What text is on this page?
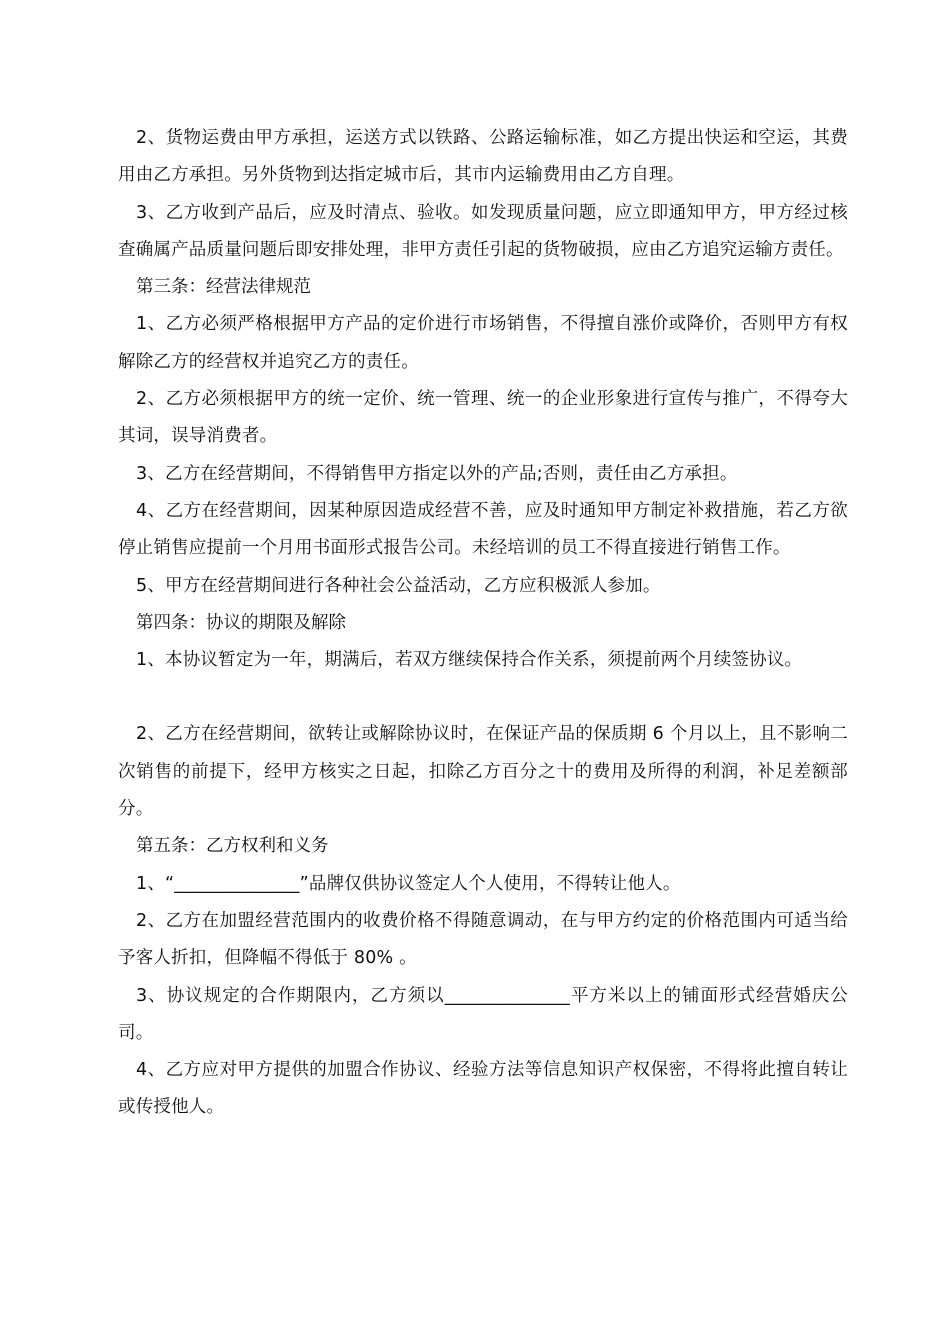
2、货物运费由甲方承担，运送方式以铁路、公路运输标准，如乙方提出快运和空运，其费用由乙方承担。另外货物到达指定城市后，其市内运输费用由乙方自理。

3、乙方收到产品后，应及时清点、验收。如发现质量问题，应立即通知甲方，甲方经过核查确属产品质量问题后即安排处理，非甲方责任引起的货物破损，应由乙方追究运输方责任。

第三条：经营法律规范

1、乙方必须严格根据甲方产品的定价进行市场销售，不得擅自涨价或降价，否则甲方有权解除乙方的经营权并追究乙方的责任。

2、乙方必须根据甲方的统一定价、统一管理、统一的企业形象进行宣传与推广，不得夸大其词，误导消费者。

3、乙方在经营期间，不得销售甲方指定以外的产品;否则，责任由乙方承担。

4、乙方在经营期间，因某种原因造成经营不善，应及时通知甲方制定补救措施，若乙方欲停止销售应提前一个月用书面形式报告公司。未经培训的员工不得直接进行销售工作。

5、甲方在经营期间进行各种社会公益活动，乙方应积极派人参加。

第四条：协议的期限及解除

1、本协议暂定为一年，期满后，若双方继续保持合作关系，须提前两个月续签协议。

2、乙方在经营期间，欲转让或解除协议时，在保证产品的保质期 6 个月以上，且不影响二次销售的前提下，经甲方核实之日起，扣除乙方百分之十的费用及所得的利润，补足差额部分。

第五条：乙方权利和义务

1、“______________”品牌仅供协议签定人个人使用，不得转让他人。

2、乙方在加盟经营范围内的收费价格不得随意调动，在与甲方约定的价格范围内可适当给予客人折扣，但降幅不得低于 80% 。

3、协议规定的合作期限内，乙方须以______________平方米以上的铺面形式经营婚庆公司。

4、乙方应对甲方提供的加盟合作协议、经验方法等信息知识产权保密，不得将此擅自转让或传授他人。
